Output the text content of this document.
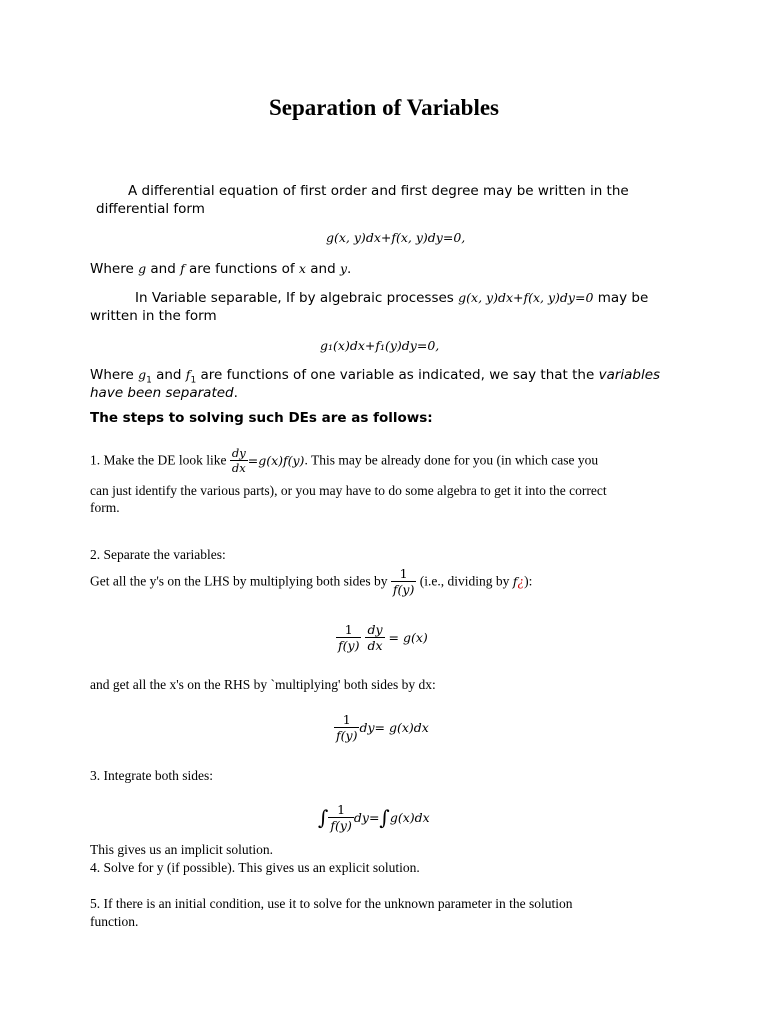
Separation of Variables
A differential equation of first order and first degree may be written in the
differential form
g(x, y)dx+f(x, y)dy=0,
Where g and f are functions of x and y.
In Variable separable, If by algebraic processes g(x, y)dx+f(x, y)dy=0 may be
written in the form
g₁(x)dx+f₁(y)dy=0,
Where $g_1$ and $f_1$ are functions of one variable as indicated, we say that the variables
have been separated.
The steps to solving such DEs are as follows:
1. Make the DE look like $\frac{dy}{dx} =g(x)f(y)$. This may be already done for you (in which case you
can just identify the various parts), or you may have to do some algebra to get it into the correct
form.
2. Separate the variables:
Get all the y's on the LHS by multiplying both sides by $\frac{1}{f(y)} (i.e$., dividing by f¿):
$\frac{1}{f(y)}$
$\frac{dy}{dx} = g(x)$
and get all the x's on the RHS by `multiplying' both sides by dx:
$\frac{1}{f(y)} dy= g(x)dx$
3. Integrate both sides:
∫ $\frac{1}{f(y)} dy=\int g(x)dx$
This gives us an implicit solution.
4. Solve for y (if possible). This gives us an explicit solution.
5. If there is an initial condition, use it to solve for the unknown parameter in the solution
function.
